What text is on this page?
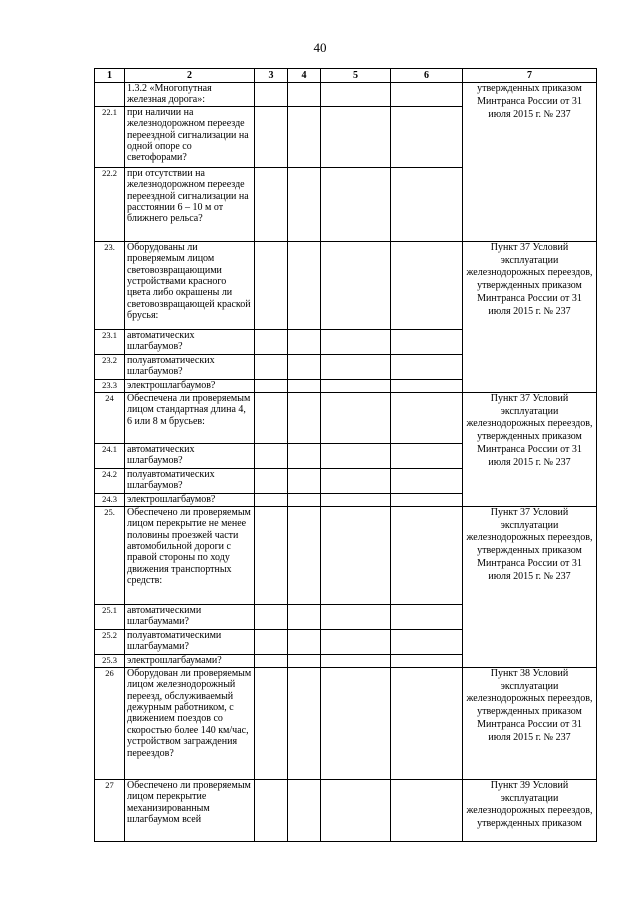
40
1	2	3	4	5	6	7
	1.3.2 «Многопутная железная дорога»:					утвержденных приказом Минтранса России от 31 июля 2015 г. № 237
22.1	при наличии на железнодорожном переезде переездной сигнализации на одной опоре со светофорами?					
22.2	при отсутствии на железнодорожном переезде переездной сигнализации на расстоянии 6 – 10 м от ближнего рельса?					
23.	Оборудованы ли проверяемым лицом световозвращающими устройствами красного цвета либо окрашены ли световозвращающей краской брусья:					Пункт 37 Условий эксплуатации железнодорожных переездов, утвержденных приказом Минтранса России от 31 июля 2015 г. № 237
23.1	автоматических шлагбаумов?					
23.2	полуавтоматических шлагбаумов?					
23.3	электрошлагбаумов?					
24	Обеспечена ли проверяемым лицом стандартная длина 4, 6 или 8 м брусьев:					Пункт 37 Условий эксплуатации железнодорожных переездов, утвержденных приказом Минтранса России от 31 июля 2015 г. № 237
24.1	автоматических шлагбаумов?					
24.2	полуавтоматических шлагбаумов?					
24.3	электрошлагбаумов?					
25.	Обеспечено ли проверяемым лицом перекрытие не менее половины проезжей части автомобильной дороги с правой стороны по ходу движения транспортных средств:					Пункт 37 Условий эксплуатации железнодорожных переездов, утвержденных приказом Минтранса России от 31 июля 2015 г. № 237
25.1	автоматическими шлагбаумами?					
25.2	полуавтоматическими шлагбаумами?					
25.3	электрошлагбаумами?					
26	Оборудован ли проверяемым лицом железнодорожный переезд, обслуживаемый дежурным работником, с движением поездов со скоростью более 140 км/час, устройством заграждения переездов?					Пункт 38 Условий эксплуатации железнодорожных переездов, утвержденных приказом Минтранса России от 31 июля 2015 г. № 237
27	Обеспечено ли проверяемым лицом перекрытие механизированным шлагбаумом всей					Пункт 39 Условий эксплуатации железнодорожных переездов, утвержденных приказом
